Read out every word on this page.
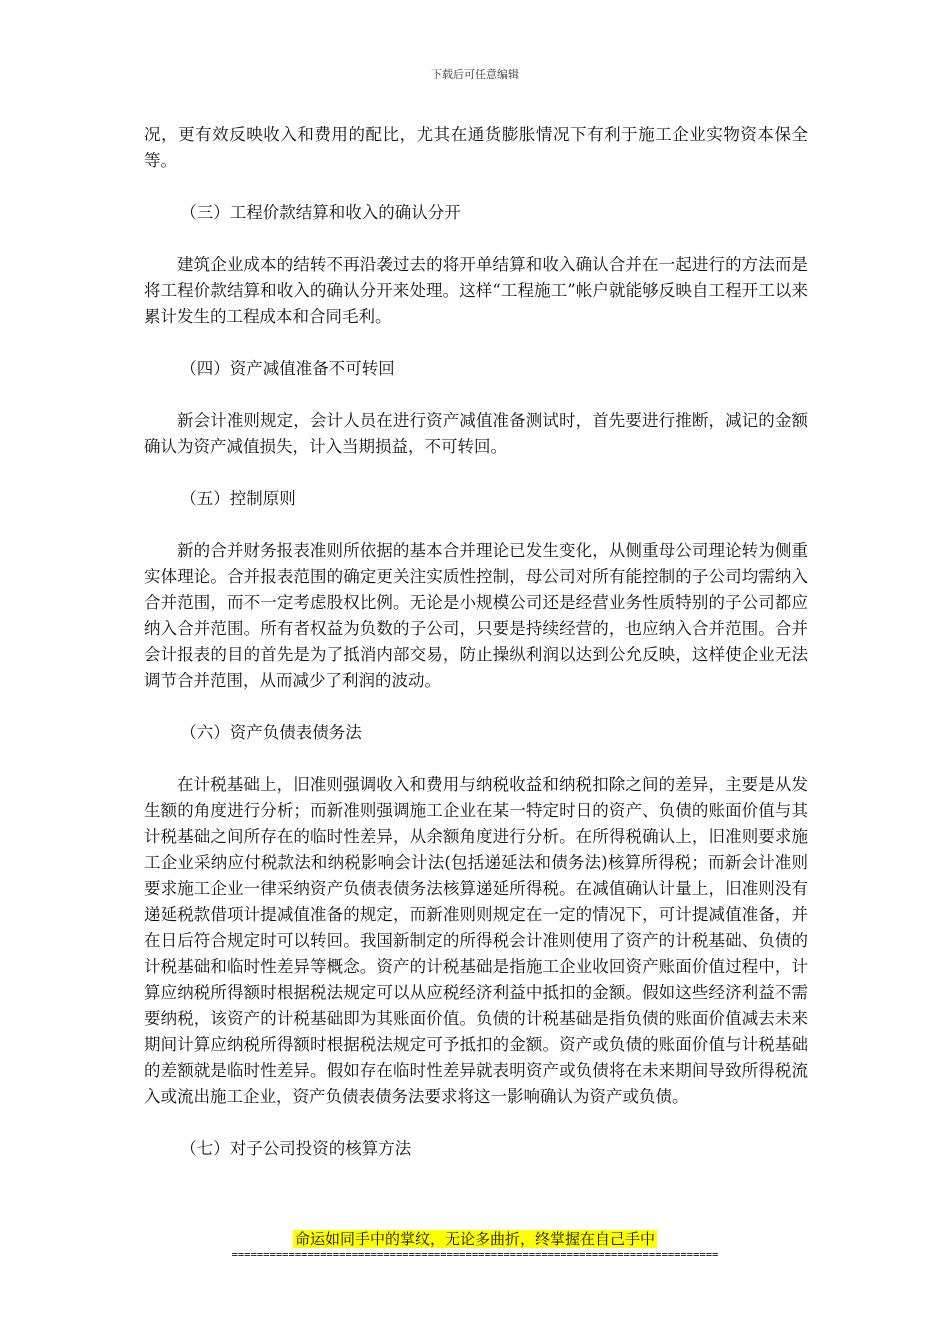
下载后可任意编辑

况，更有效反映收入和费用的配比，尤其在通货膨胀情况下有利于施工企业实物资本保全等。

（三）工程价款结算和收入的确认分开

建筑企业成本的结转不再沿袭过去的将开单结算和收入确认合并在一起进行的方法而是将工程价款结算和收入的确认分开来处理。这样“工程施工”帐户就能够反映自工程开工以来累计发生的工程成本和合同毛利。

（四）资产减值准备不可转回

新会计准则规定，会计人员在进行资产减值准备测试时，首先要进行推断，减记的金额确认为资产减值损失，计入当期损益，不可转回。

（五）控制原则

新的合并财务报表准则所依据的基本合并理论已发生变化，从侧重母公司理论转为侧重实体理论。合并报表范围的确定更关注实质性控制，母公司对所有能控制的子公司均需纳入合并范围，而不一定考虑股权比例。无论是小规模公司还是经营业务性质特别的子公司都应纳入合并范围。所有者权益为负数的子公司，只要是持续经营的，也应纳入合并范围。合并会计报表的目的首先是为了抵消内部交易，防止操纵利润以达到公允反映，这样使企业无法调节合并范围，从而减少了利润的波动。

（六）资产负债表债务法

在计税基础上，旧准则强调收入和费用与纳税收益和纳税扣除之间的差异，主要是从发生额的角度进行分析；而新准则强调施工企业在某一特定时日的资产、负债的账面价值与其计税基础之间所存在的临时性差异，从余额角度进行分析。在所得税确认上，旧准则要求施工企业采纳应付税款法和纳税影响会计法(包括递延法和债务法)核算所得税；而新会计准则要求施工企业一律采纳资产负债表债务法核算递延所得税。在减值确认计量上，旧准则没有递延税款借项计提减值准备的规定，而新准则则规定在一定的情况下，可计提减值准备，并在日后符合规定时可以转回。我国新制定的所得税会计准则使用了资产的计税基础、负债的计税基础和临时性差异等概念。资产的计税基础是指施工企业收回资产账面价值过程中，计算应纳税所得额时根据税法规定可以从应税经济利益中抵扣的金额。假如这些经济利益不需要纳税，该资产的计税基础即为其账面价值。负债的计税基础是指负债的账面价值减去未来期间计算应纳税所得额时根据税法规定可予抵扣的金额。资产或负债的账面价值与计税基础的差额就是临时性差异。假如存在临时性差异就表明资产或负债将在未来期间导致所得税流入或流出施工企业，资产负债表债务法要求将这一影响确认为资产或负债。

（七）对子公司投资的核算方法

命运如同手中的掌纹，无论多曲折，终掌握在自己手中
=============================================================================
